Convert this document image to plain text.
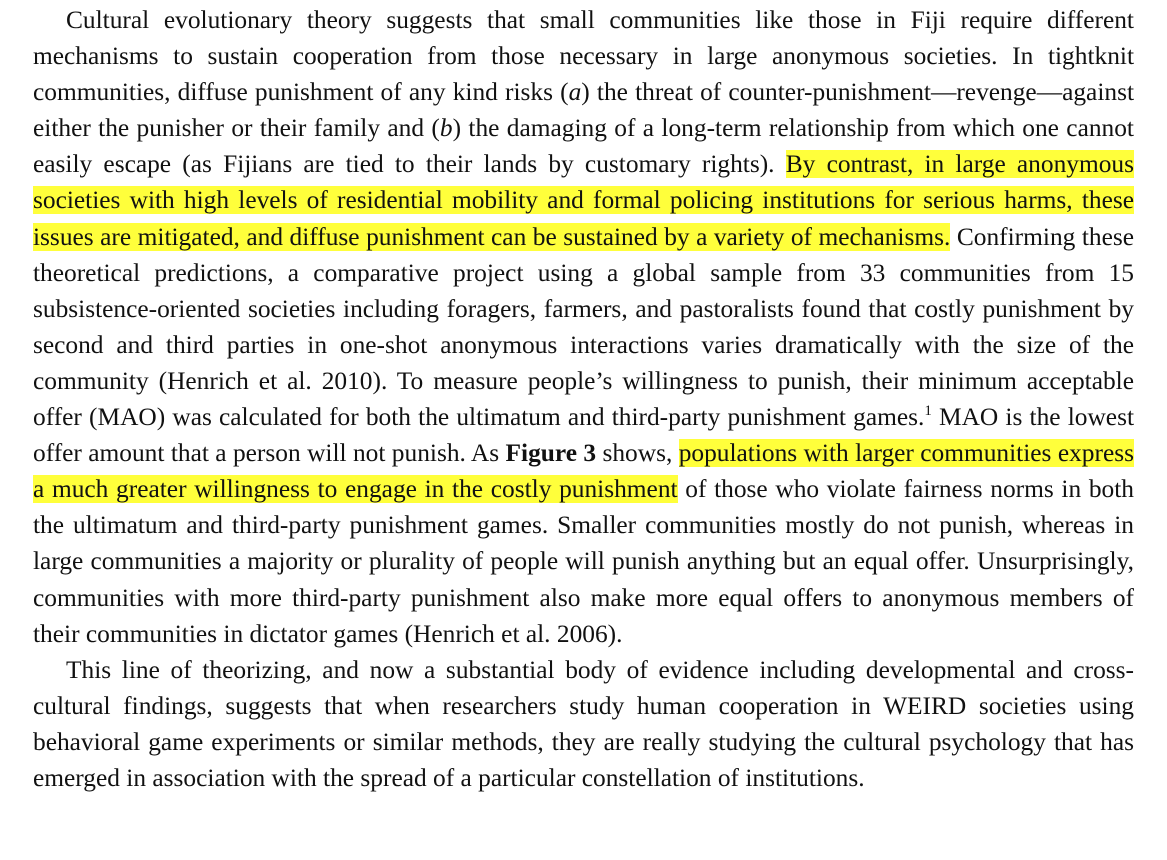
Cultural evolutionary theory suggests that small communities like those in Fiji require different mechanisms to sustain cooperation from those necessary in large anonymous societies. In tightknit communities, diffuse punishment of any kind risks (a) the threat of counter-punishment—revenge—against either the punisher or their family and (b) the damaging of a long-term relationship from which one cannot easily escape (as Fijians are tied to their lands by customary rights). By contrast, in large anonymous societies with high levels of residential mobility and formal policing institutions for serious harms, these issues are mitigated, and diffuse punishment can be sustained by a variety of mechanisms. Confirming these theoretical predictions, a comparative project using a global sample from 33 communities from 15 subsistence-oriented societies including foragers, farmers, and pastoralists found that costly punishment by second and third parties in one-shot anonymous interactions varies dramatically with the size of the community (Henrich et al. 2010). To measure people’s willingness to punish, their minimum acceptable offer (MAO) was calculated for both the ultimatum and third-party punishment games.$^1$ MAO is the lowest offer amount that a person will not punish. As Figure 3 shows, populations with larger communities express a much greater willingness to engage in the costly punishment of those who violate fairness norms in both the ultimatum and third-party punishment games. Smaller communities mostly do not punish, whereas in large communities a majority or plurality of people will punish anything but an equal offer. Unsurprisingly, communities with more third-party punishment also make more equal offers to anonymous members of their communities in dictator games (Henrich et al. 2006).

This line of theorizing, and now a substantial body of evidence including developmental and cross-cultural findings, suggests that when researchers study human cooperation in WEIRD societies using behavioral game experiments or similar methods, they are really studying the cultural psychology that has emerged in association with the spread of a particular constellation of institutions.
